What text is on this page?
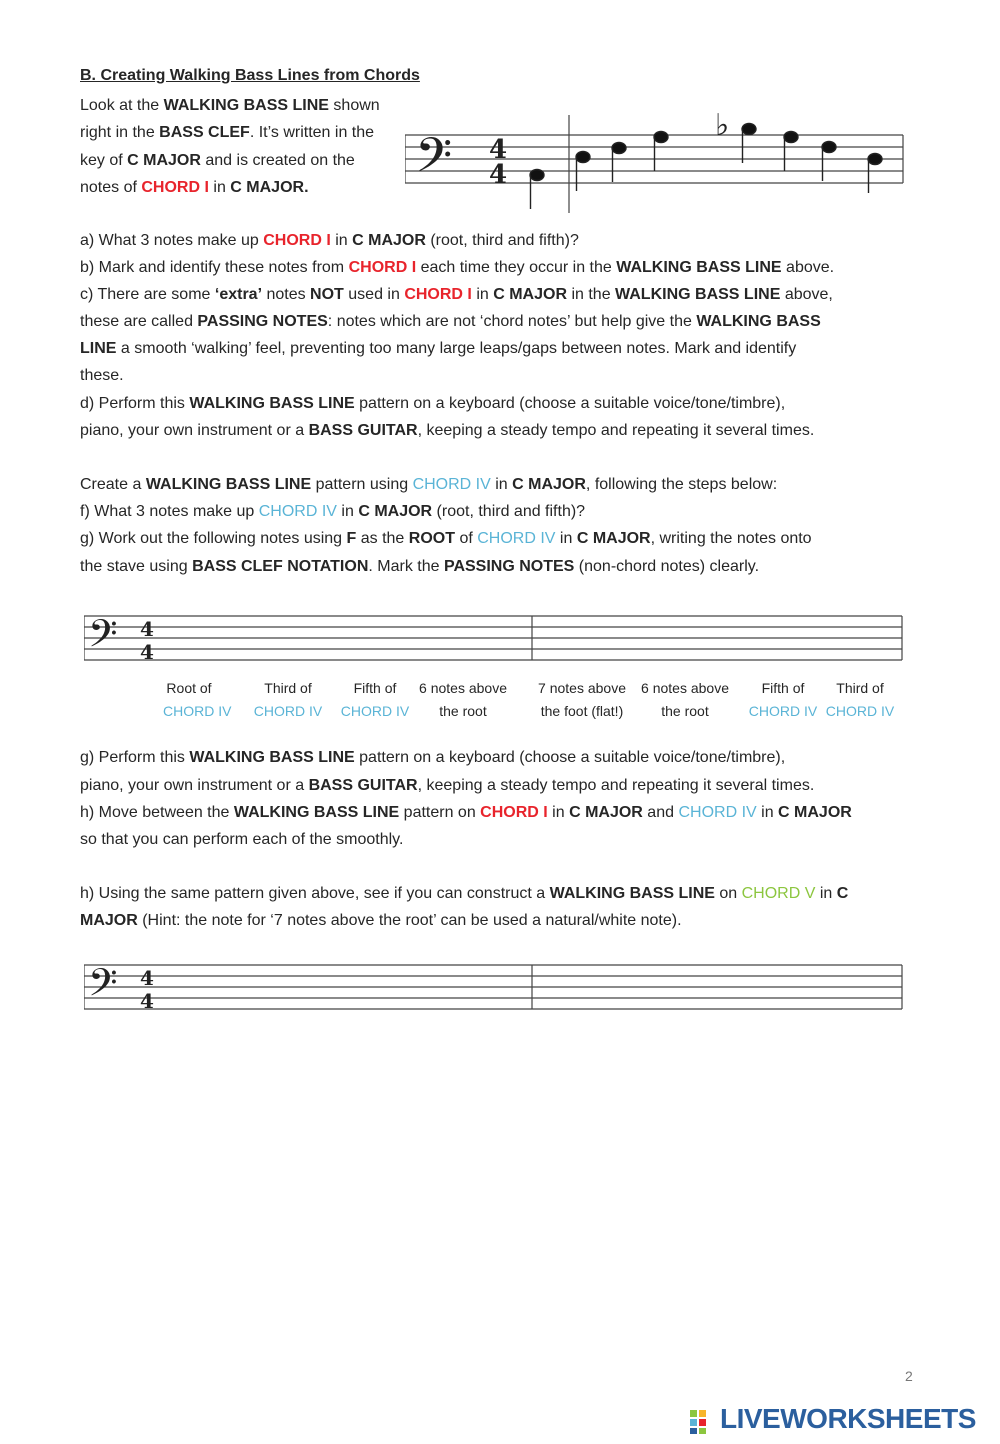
B. Creating Walking Bass Lines from Chords
Look at the WALKING BASS LINE shown right in the BASS CLEF. It’s written in the key of C MAJOR and is created on the notes of CHORD I in C MAJOR.	𝄢 4
4
♭
a) What 3 notes make up CHORD I in C MAJOR (root, third and fifth)?
b) Mark and identify these notes from CHORD I each time they occur in the WALKING BASS LINE above.
c) There are some ‘extra’ notes NOT used in CHORD I in C MAJOR in the WALKING BASS LINE above,
these are called PASSING NOTES: notes which are not ‘chord notes’ but help give the WALKING BASS
LINE a smooth ‘walking’ feel, preventing too many large leaps/gaps between notes. Mark and identify
these.
d) Perform this WALKING BASS LINE pattern on a keyboard (choose a suitable voice/tone/timbre),
piano, your own instrument or a BASS GUITAR, keeping a steady tempo and repeating it several times.
Create a WALKING BASS LINE pattern using CHORD IV in C MAJOR, following the steps below:
f) What 3 notes make up CHORD IV in C MAJOR (root, third and fifth)?
g) Work out the following notes using F as the ROOT of CHORD IV in C MAJOR, writing the notes onto
the stave using BASS CLEF NOTATION. Mark the PASSING NOTES (non-chord notes) clearly.
𝄢 4
4
Root of
CHORD IV
Third of
CHORD IV
Fifth of
CHORD IV
6 notes above
the root
7 notes above
the foot (flat!)
6 notes above
the root
Fifth of
CHORD IV
Third of
CHORD IV
g) Perform this WALKING BASS LINE pattern on a keyboard (choose a suitable voice/tone/timbre),
piano, your own instrument or a BASS GUITAR, keeping a steady tempo and repeating it several times.
h) Move between the WALKING BASS LINE pattern on CHORD I in C MAJOR and CHORD IV in C MAJOR
so that you can perform each of the smoothly.
h) Using the same pattern given above, see if you can construct a WALKING BASS LINE on CHORD V in C
MAJOR (Hint: the note for ‘7 notes above the root’ can be used a natural/white note).
𝄢 4
4
2
LIVEWORKSHEETS
